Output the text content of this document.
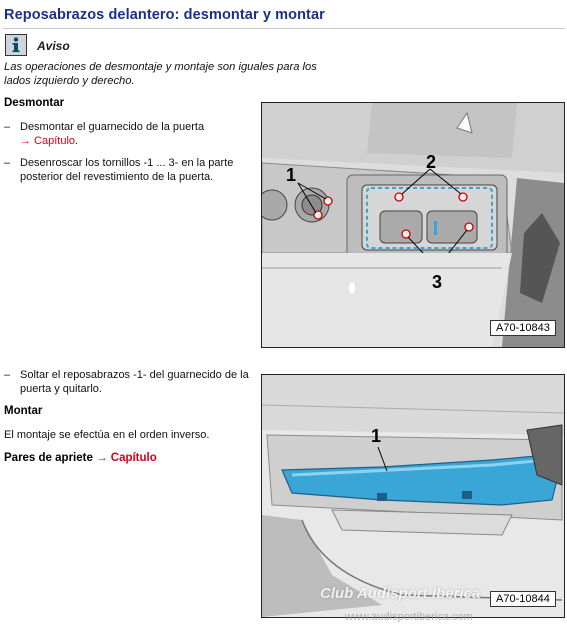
Reposabrazos delantero: desmontar y montar
Aviso
Las operaciones de desmontaje y montaje son iguales para los lados izquierdo y derecho.
Desmontar
– Desmontar el guarnecido de la puerta
→ Capítulo.
– Desenroscar los tornillos -1 ... 3- en la parte posterior del revestimiento de la puerta.
– Soltar el reposabrazos -1- del guarnecido de la puerta y quitarlo.
Montar
El montaje se efectúa en el orden inverso.
Pares de apriete → Capítulo
1
2
3
A70-10843
1
A70-10844
Club Audisport Iberica
www.audisportiberica.com
